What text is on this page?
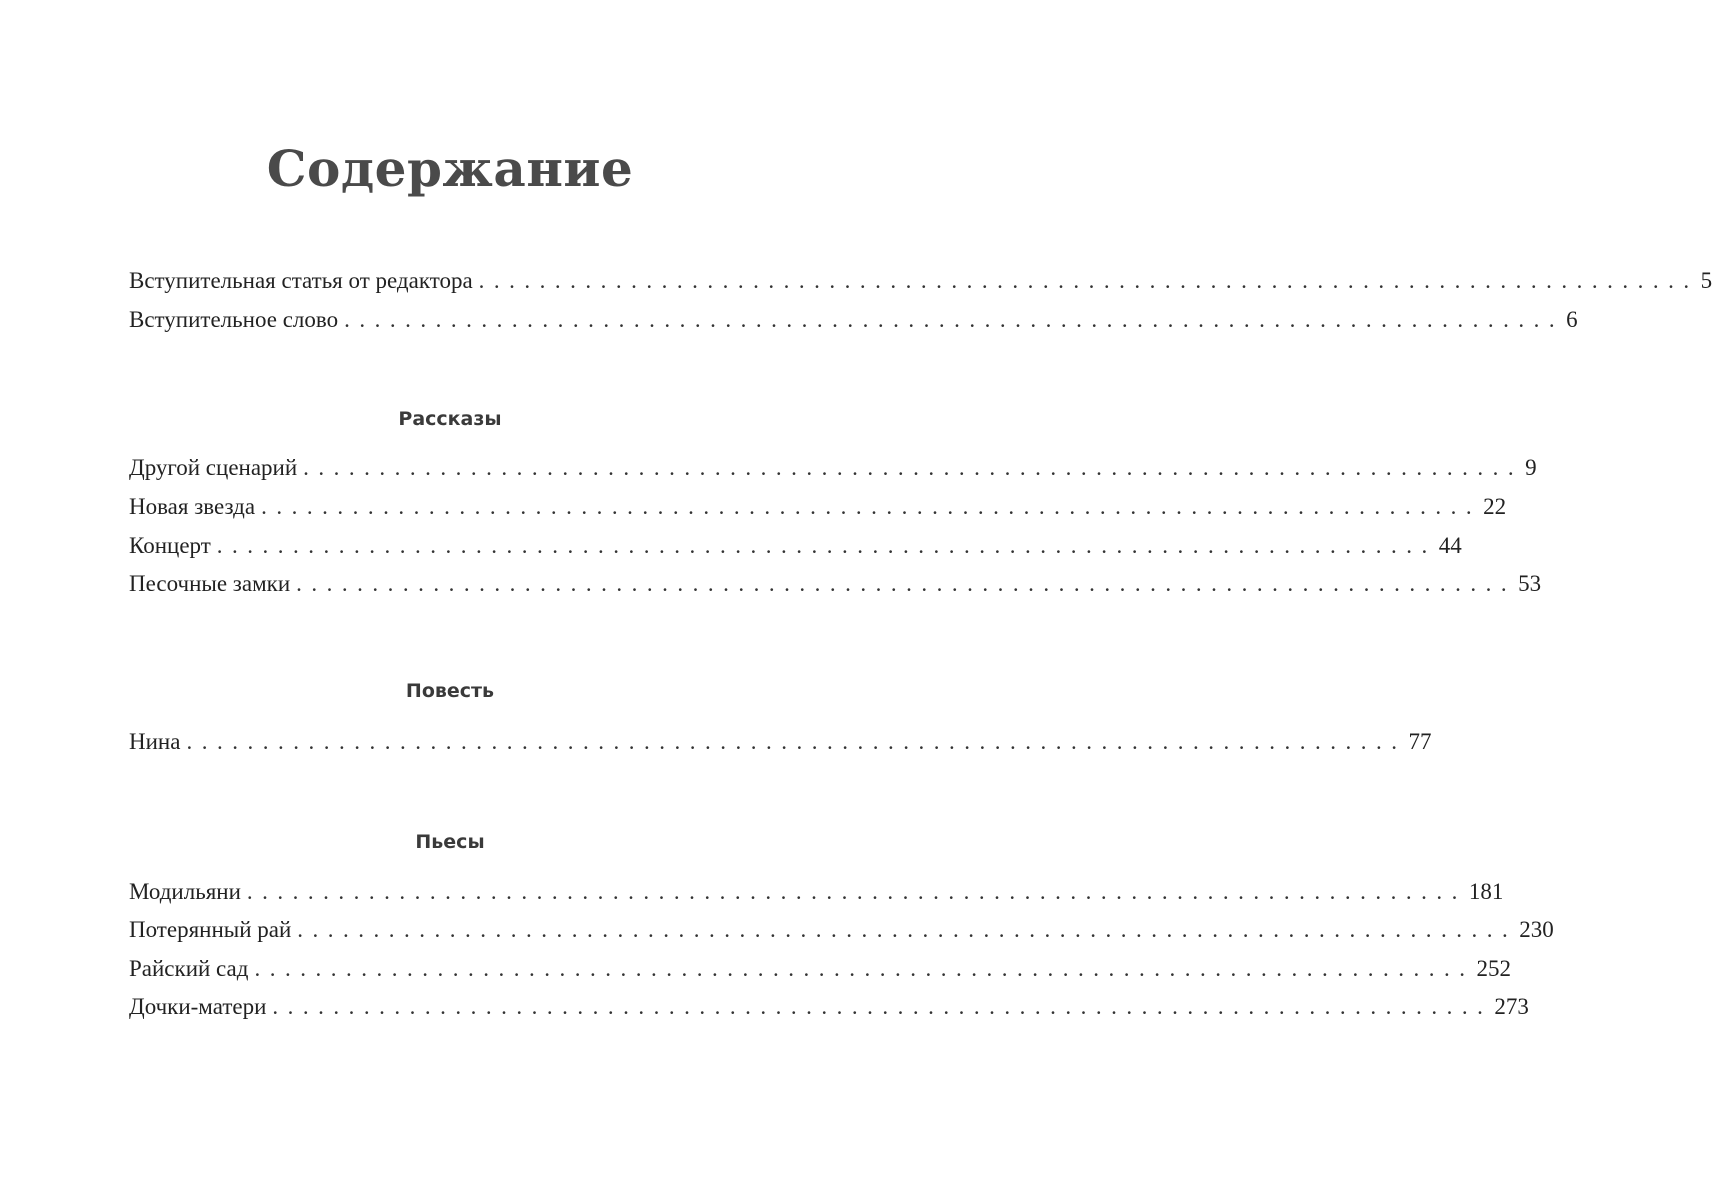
Содержание
Вступительная статья от редактора ................................................................................ 5
Вступительное слово ................................................................................ 6
Рассказы
Другой сценарий ................................................................................ 9
Новая звезда ................................................................................ 22
Концерт ................................................................................ 44
Песочные замки ................................................................................ 53
Повесть
Нина ................................................................................ 77
Пьесы
Модильяни ................................................................................ 181
Потерянный рай ................................................................................ 230
Райский сад ................................................................................ 252
Дочки-матери ................................................................................ 273
